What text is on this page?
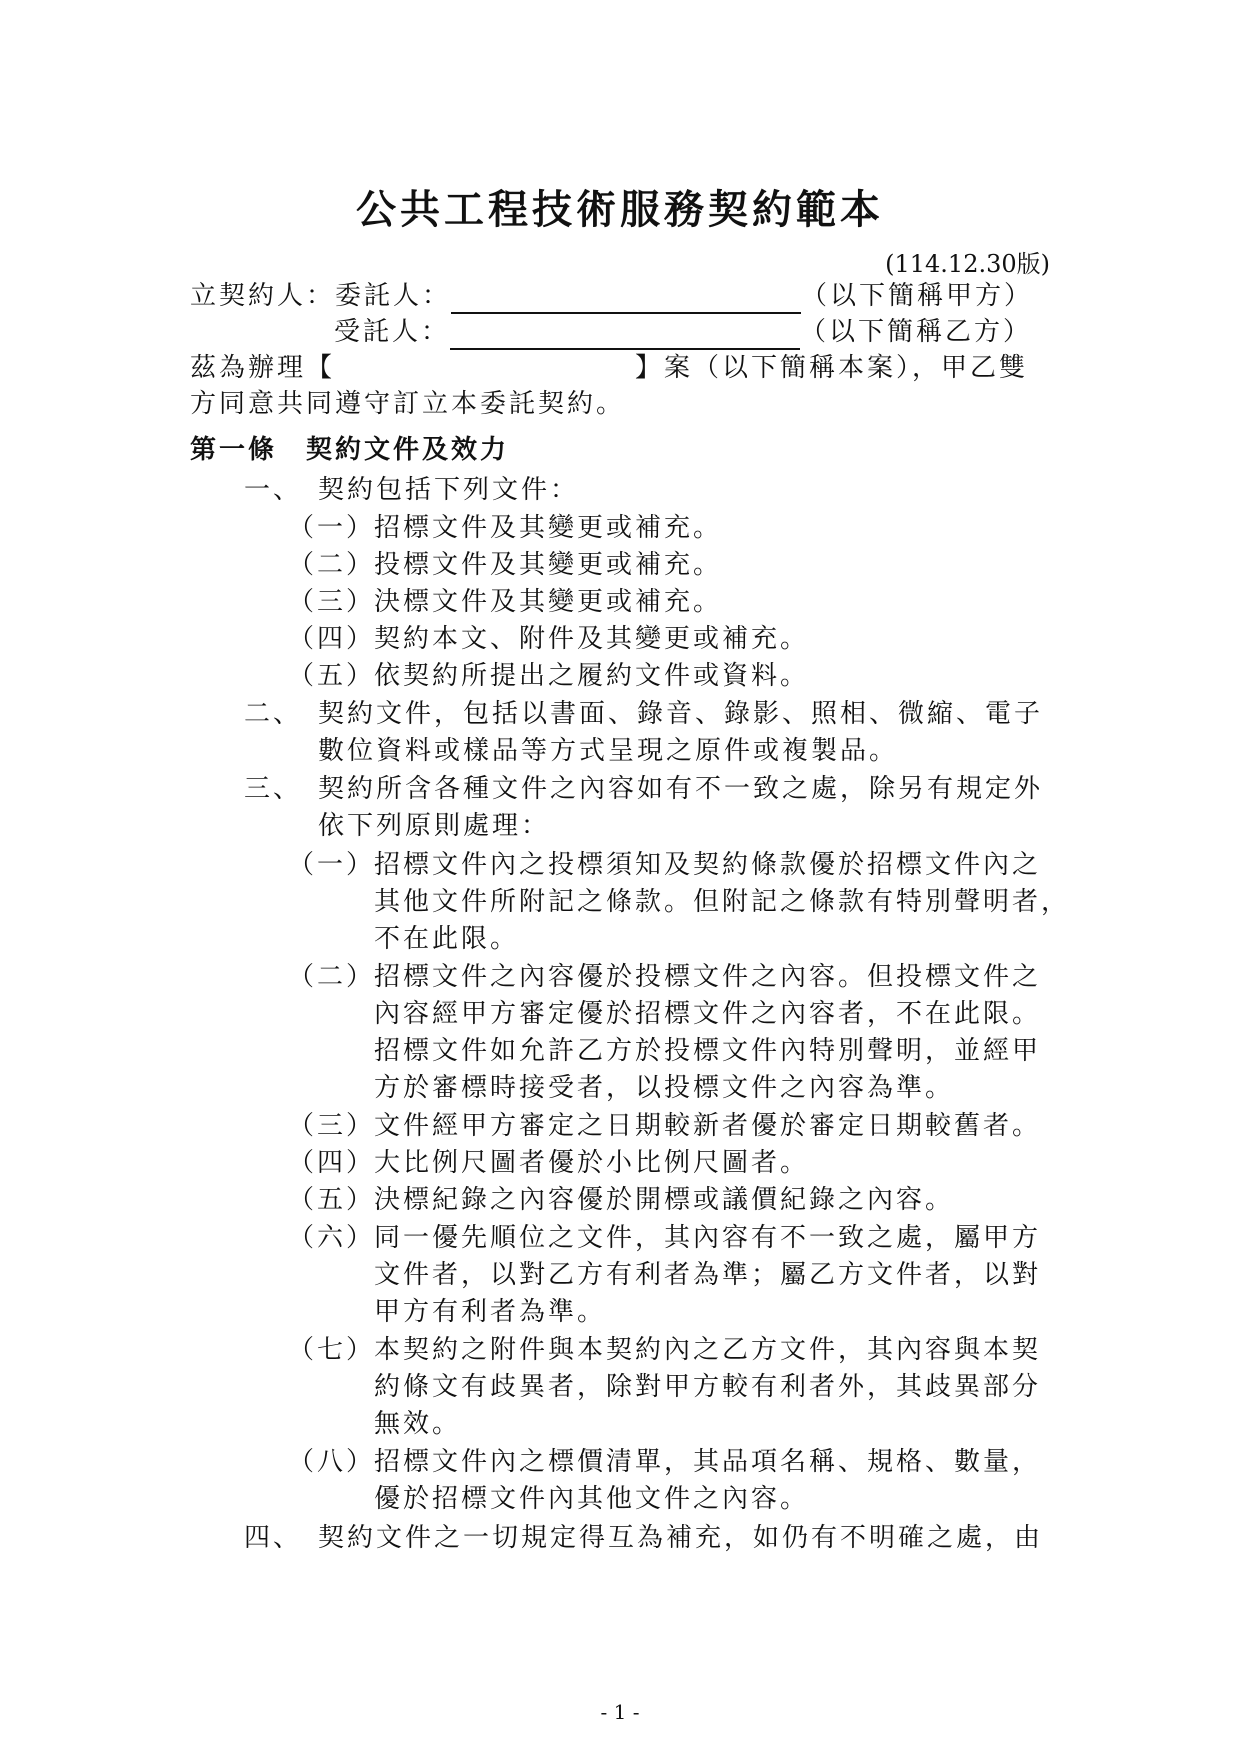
公共工程技術服務契約範本
(114.12.30版)
立契約人：委託人：	（以下簡稱甲方）
受託人：	（以下簡稱乙方）
茲為辦理【	】案（以下簡稱本案），甲乙雙
方同意共同遵守訂立本委託契約。
第一條　契約文件及效力
一、 契約包括下列文件：
（一）
招標文件及其變更或補充。
（二）
投標文件及其變更或補充。
（三）
決標文件及其變更或補充。
（四）
契約本文、附件及其變更或補充。
（五）
依契約所提出之履約文件或資料。
二、 契約文件，包括以書面、錄音、錄影、照相、微縮、電子
數位資料或樣品等方式呈現之原件或複製品。
三、 契約所含各種文件之內容如有不一致之處，除另有規定外
依下列原則處理：
（一）
招標文件內之投標須知及契約條款優於招標文件內之
其他文件所附記之條款。但附記之條款有特別聲明者，
不在此限。
（二）
招標文件之內容優於投標文件之內容。但投標文件之
內容經甲方審定優於招標文件之內容者，不在此限。
招標文件如允許乙方於投標文件內特別聲明，並經甲
方於審標時接受者，以投標文件之內容為準。
（三）
文件經甲方審定之日期較新者優於審定日期較舊者。
（四）
大比例尺圖者優於小比例尺圖者。
（五）
決標紀錄之內容優於開標或議價紀錄之內容。
（六）
同一優先順位之文件，其內容有不一致之處，屬甲方
文件者，以對乙方有利者為準；屬乙方文件者，以對
甲方有利者為準。
（七）
本契約之附件與本契約內之乙方文件，其內容與本契
約條文有歧異者，除對甲方較有利者外，其歧異部分
無效。
（八）
招標文件內之標價清單，其品項名稱、規格、數量，
優於招標文件內其他文件之內容。
四、 契約文件之一切規定得互為補充，如仍有不明確之處，由
- 1 -
